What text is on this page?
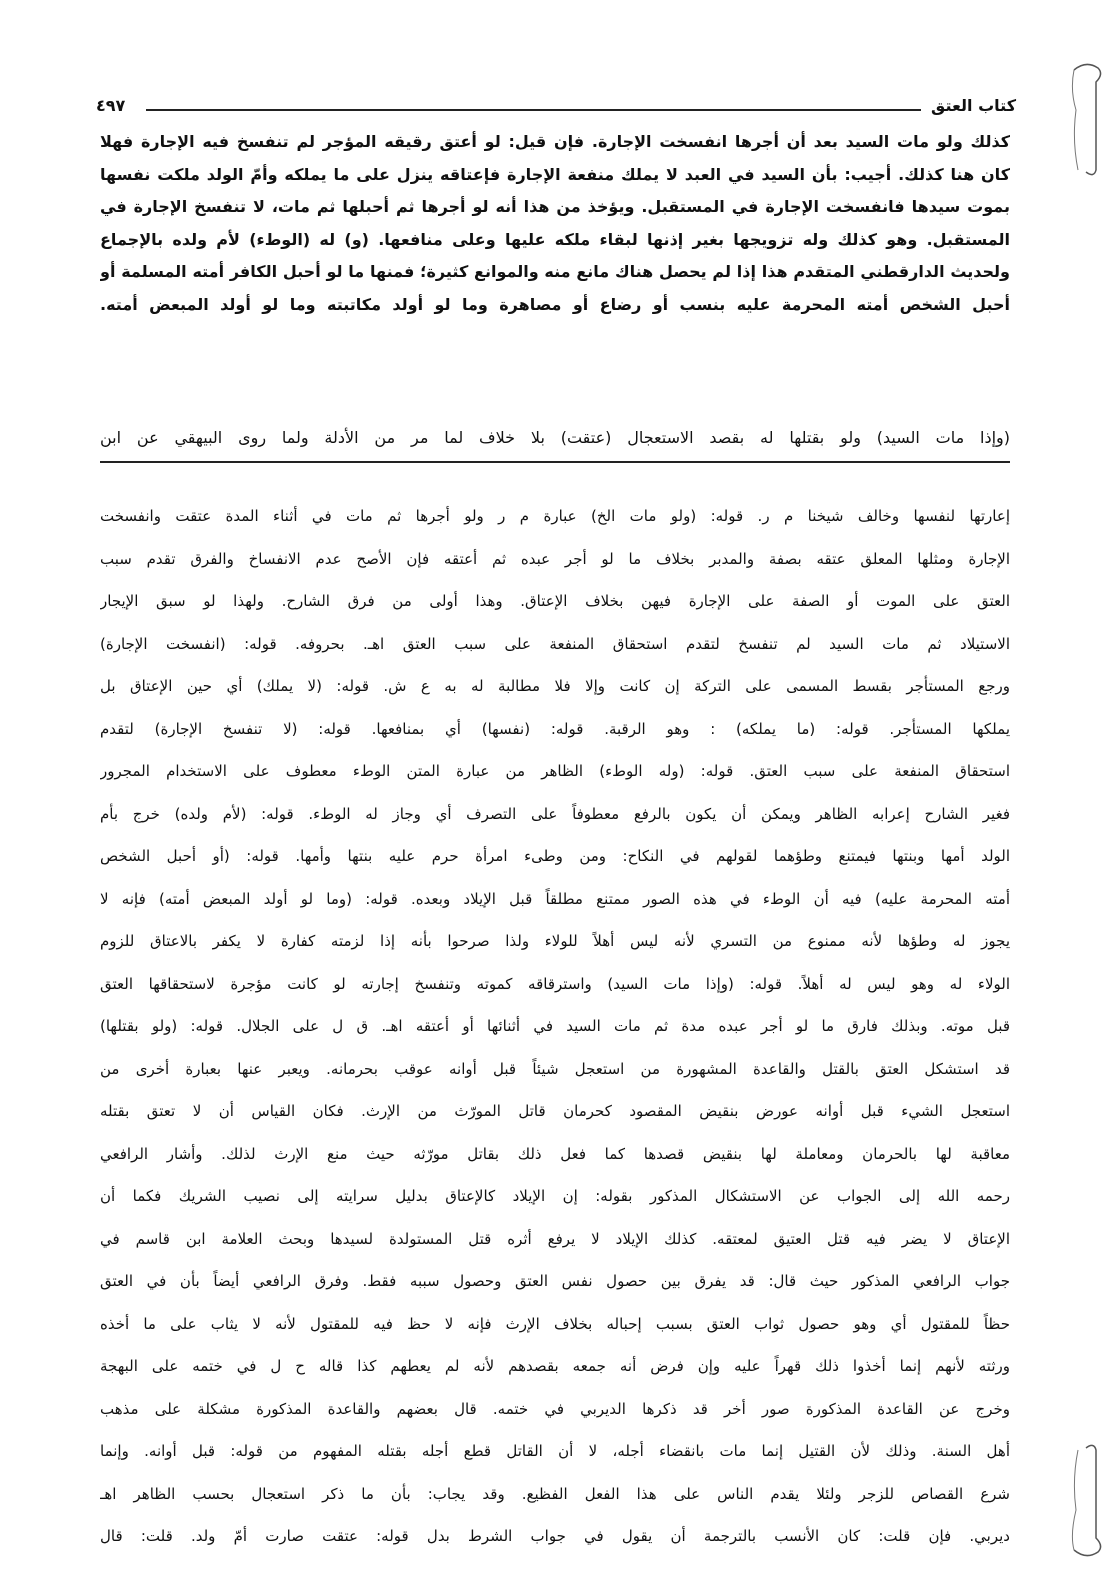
كتاب العتق
٤٩٧
كذلك ولو مات السيد بعد أن أجرها انفسخت الإجارة. فإن قيل: لو أعتق رقيقه المؤجر لم تنفسخ فيه الإجارة فهلا
كان هنا كذلك. أجيب: بأن السيد في العبد لا يملك منفعة الإجارة فإعتاقه ينزل على ما يملكه وأمّ الولد ملكت نفسها
بموت سيدها فانفسخت الإجارة في المستقبل. ويؤخذ من هذا أنه لو أجرها ثم أحبلها ثم مات، لا تنفسخ الإجارة في
المستقبل. وهو كذلك وله تزويجها بغير إذنها لبقاء ملكه عليها وعلى منافعها. (و) له (الوطء) لأم ولده بالإجماع
ولحديث الدارقطني المتقدم هذا إذا لم يحصل هناك مانع منه والموانع كثيرة؛ فمنها ما لو أحبل الكافر أمته المسلمة أو
أحبل الشخص أمته المحرمة عليه بنسب أو رضاع أو مصاهرة وما لو أولد مكاتبته وما لو أولد المبعض أمته.
(وإذا مات السيد) ولو بقتلها له بقصد الاستعجال (عتقت) بلا خلاف لما مر من الأدلة ولما روى البيهقي عن ابن
إعارتها لنفسها وخالف شيخنا م ر. قوله: (ولو مات الخ) عبارة م ر ولو أجرها ثم مات في أثناء المدة عتقت وانفسخت
الإجارة ومثلها المعلق عتقه بصفة والمدبر بخلاف ما لو أجر عبده ثم أعتقه فإن الأصح عدم الانفساخ والفرق تقدم سبب
العتق على الموت أو الصفة على الإجارة فيهن بخلاف الإعتاق. وهذا أولى من فرق الشارح. ولهذا لو سبق الإيجار
الاستيلاد ثم مات السيد لم تنفسخ لتقدم استحقاق المنفعة على سبب العتق اهـ. بحروفه. قوله: (انفسخت الإجارة)
ورجع المستأجر بقسط المسمى على التركة إن كانت وإلا فلا مطالبة له به ع ش. قوله: (لا يملك) أي حين الإعتاق بل
يملكها المستأجر. قوله: (ما يملكه) : وهو الرقبة. قوله: (نفسها) أي بمنافعها. قوله: (لا تنفسخ الإجارة) لتقدم
استحقاق المنفعة على سبب العتق. قوله: (وله الوطء) الظاهر من عبارة المتن الوطء معطوف على الاستخدام المجرور
فغير الشارح إعرابه الظاهر ويمكن أن يكون بالرفع معطوفاً على التصرف أي وجاز له الوطء. قوله: (لأم ولده) خرج بأم
الولد أمها وبنتها فيمتنع وطؤهما لقولهم في النكاح: ومن وطىء امرأة حرم عليه بنتها وأمها. قوله: (أو أحبل الشخص
أمته المحرمة عليه) فيه أن الوطء في هذه الصور ممتنع مطلقاً قبل الإيلاد وبعده. قوله: (وما لو أولد المبعض أمته) فإنه لا
يجوز له وطؤها لأنه ممنوع من التسري لأنه ليس أهلاً للولاء ولذا صرحوا بأنه إذا لزمته كفارة لا يكفر بالاعتاق للزوم
الولاء له وهو ليس له أهلاً. قوله: (وإذا مات السيد) واسترقاقه كموته وتنفسخ إجارته لو كانت مؤجرة لاستحقاقها العتق
قبل موته. وبذلك فارق ما لو أجر عبده مدة ثم مات السيد في أثنائها أو أعتقه اهـ. ق ل على الجلال. قوله: (ولو بقتلها)
قد استشكل العتق بالقتل والقاعدة المشهورة من استعجل شيئاً قبل أوانه عوقب بحرمانه. ويعبر عنها بعبارة أخرى من
استعجل الشيء قبل أوانه عورض بنقيض المقصود كحرمان قاتل المورّث من الإرث. فكان القياس أن لا تعتق بقتله
معاقبة لها بالحرمان ومعاملة لها بنقيض قصدها كما فعل ذلك بقاتل مورّثه حيث منع الإرث لذلك. وأشار الرافعي
رحمه الله إلى الجواب عن الاستشكال المذكور بقوله: إن الإيلاد كالإعتاق بدليل سرايته إلى نصيب الشريك فكما أن
الإعتاق لا يضر فيه قتل العتيق لمعتقه. كذلك الإيلاد لا يرفع أثره قتل المستولدة لسيدها وبحث العلامة ابن قاسم في
جواب الرافعي المذكور حيث قال: قد يفرق بين حصول نفس العتق وحصول سببه فقط. وفرق الرافعي أيضاً بأن في العتق
حظاً للمقتول أي وهو حصول ثواب العتق بسبب إحباله بخلاف الإرث فإنه لا حظ فيه للمقتول لأنه لا يثاب على ما أخذه
ورثته لأنهم إنما أخذوا ذلك قهراً عليه وإن فرض أنه جمعه بقصدهم لأنه لم يعطهم كذا قاله ح ل في ختمه على البهجة
وخرج عن القاعدة المذكورة صور أخر قد ذكرها الديربي في ختمه. قال بعضهم والقاعدة المذكورة مشكلة على مذهب
أهل السنة. وذلك لأن القتيل إنما مات بانقضاء أجله، لا أن القاتل قطع أجله بقتله المفهوم من قوله: قبل أوانه. وإنما
شرع القصاص للزجر ولئلا يقدم الناس على هذا الفعل الفظيع. وقد يجاب: بأن ما ذكر استعجال بحسب الظاهر اهـ
ديربي. فإن قلت: كان الأنسب بالترجمة أن يقول في جواب الشرط بدل قوله: عتقت صارت أمّ ولد. قلت: قال
